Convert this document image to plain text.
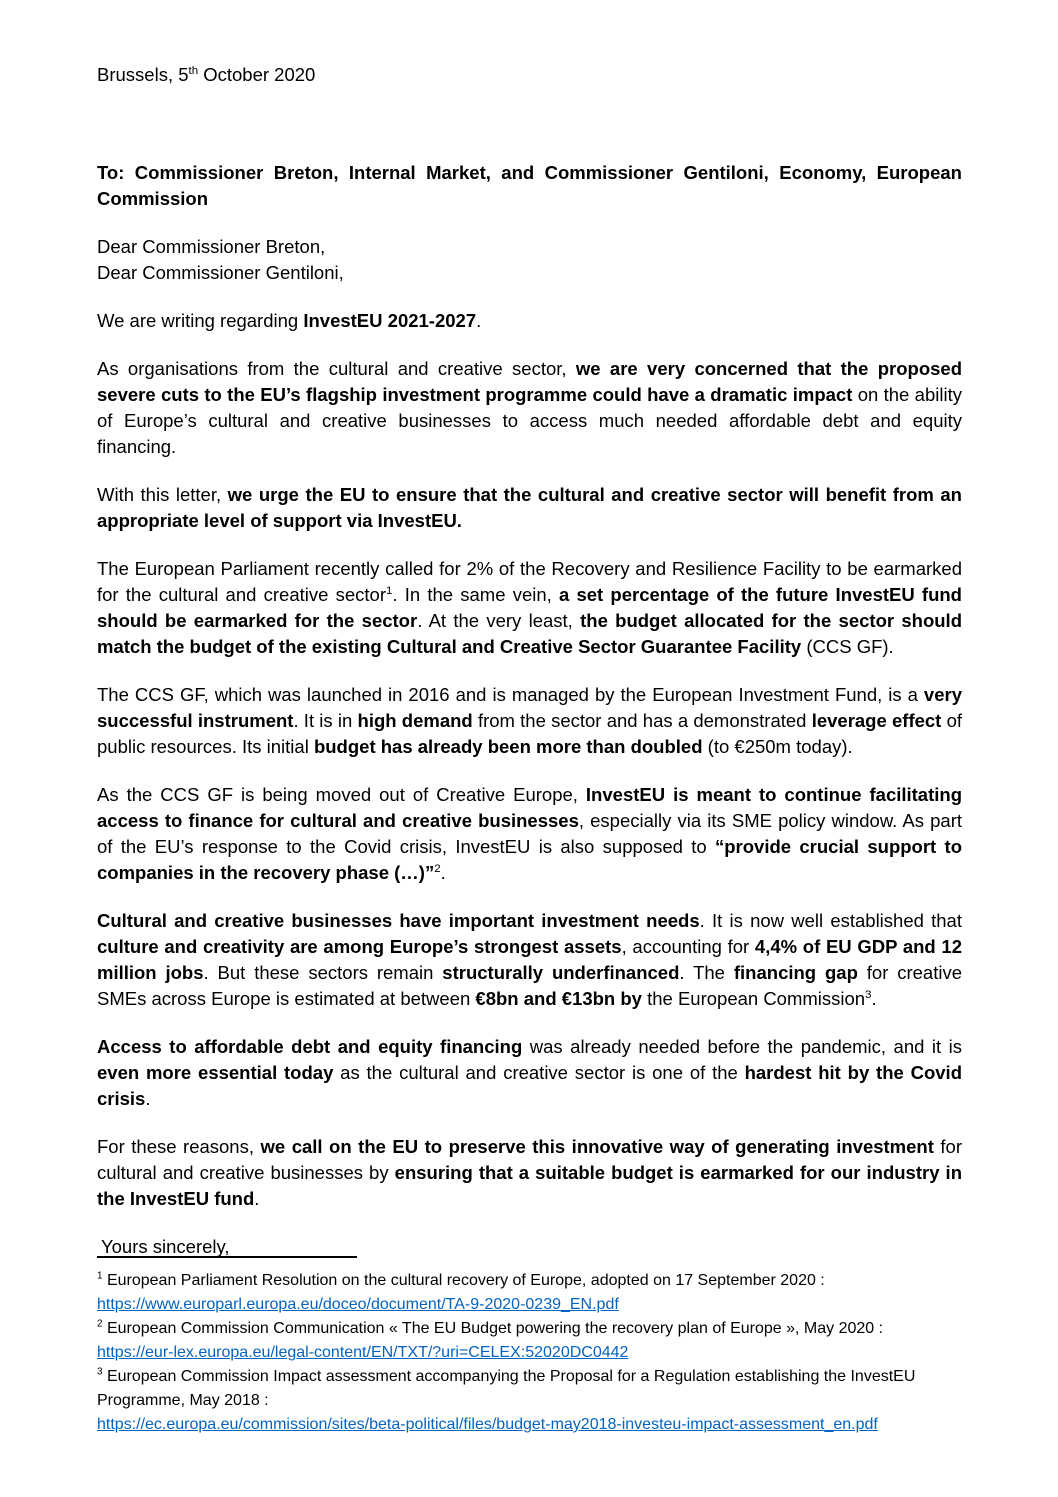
Brussels, 5th October 2020

To: Commissioner Breton, Internal Market, and Commissioner Gentiloni, Economy, European Commission

Dear Commissioner Breton,

Dear Commissioner Gentiloni,

We are writing regarding InvestEU 2021-2027.

As organisations from the cultural and creative sector, we are very concerned that the proposed severe cuts to the EU’s flagship investment programme could have a dramatic impact on the ability of Europe’s cultural and creative businesses to access much needed affordable debt and equity financing.

With this letter, we urge the EU to ensure that the cultural and creative sector will benefit from an appropriate level of support via InvestEU.

The European Parliament recently called for 2% of the Recovery and Resilience Facility to be earmarked for the cultural and creative sector$^1$. In the same vein, a set percentage of the future InvestEU fund should be earmarked for the sector. At the very least, the budget allocated for the sector should match the budget of the existing Cultural and Creative Sector Guarantee Facility (CCS GF).

The CCS GF, which was launched in 2016 and is managed by the European Investment Fund, is a very successful instrument. It is in high demand from the sector and has a demonstrated leverage effect of public resources. Its initial budget has already been more than doubled (to €250m today).

As the CCS GF is being moved out of Creative Europe, InvestEU is meant to continue facilitating access to finance for cultural and creative businesses, especially via its SME policy window. As part of the EU’s response to the Covid crisis, InvestEU is also supposed to “provide crucial support to companies in the recovery phase (…)”$^2$.

Cultural and creative businesses have important investment needs. It is now well established that culture and creativity are among Europe’s strongest assets, accounting for 4,4% of EU GDP and 12 million jobs. But these sectors remain structurally underfinanced. The financing gap for creative SMEs across Europe is estimated at between €8bn and €13bn by the European Commission$^3$.

Access to affordable debt and equity financing was already needed before the pandemic, and it is even more essential today as the cultural and creative sector is one of the hardest hit by the Covid crisis.

For these reasons, we call on the EU to preserve this innovative way of generating investment for cultural and creative businesses by ensuring that a suitable budget is earmarked for our industry in the InvestEU fund.

Yours sincerely,

$^1$ European Parliament Resolution on the cultural recovery of Europe, adopted on 17 September 2020 :
https://www.europarl.europa.eu/doceo/document/TA-9-2020-0239_EN.pdf

$^2$ European Commission Communication « The EU Budget powering the recovery plan of Europe », May 2020 :
https://eur-lex.europa.eu/legal-content/EN/TXT/?uri=CELEX:52020DC0442

$^3$ European Commission Impact assessment accompanying the Proposal for a Regulation establishing the InvestEU Programme, May 2018 :
https://ec.europa.eu/commission/sites/beta-political/files/budget-may2018-investeu-impact-assessment_en.pdf
